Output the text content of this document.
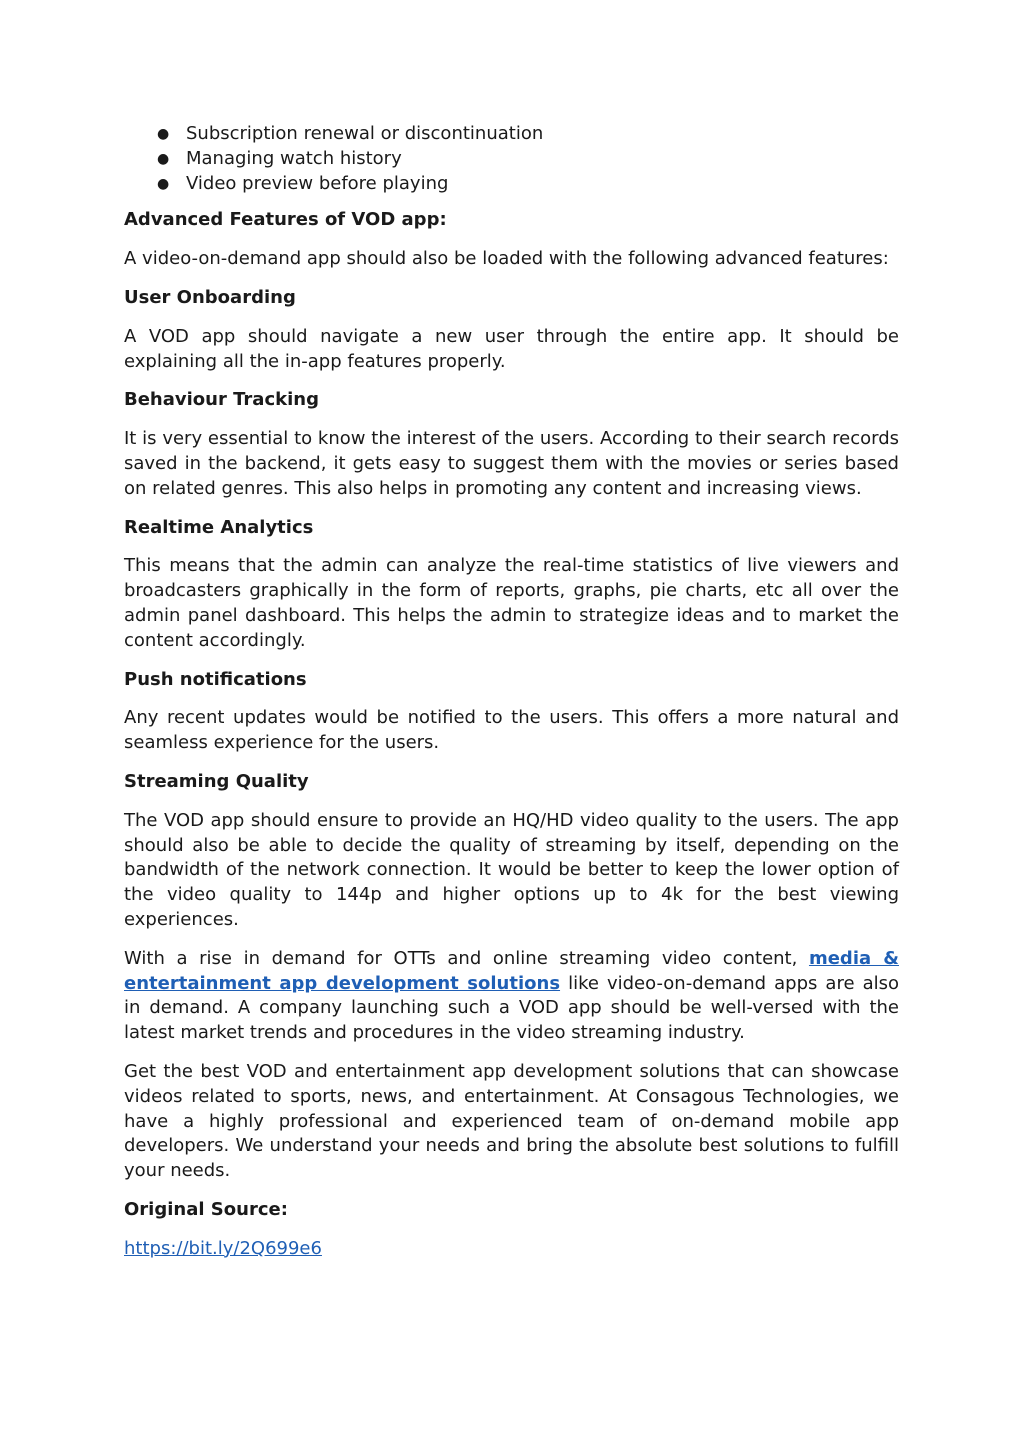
● Subscription renewal or discontinuation
● Managing watch history
● Video preview before playing
Advanced Features of VOD app:

A video-on-demand app should also be loaded with the following advanced features:

User Onboarding

A VOD app should navigate a new user through the entire app. It should be explaining all the in-app features properly.

Behaviour Tracking

It is very essential to know the interest of the users. According to their search records saved in the backend, it gets easy to suggest them with the movies or series based on related genres. This also helps in promoting any content and increasing views.

Realtime Analytics

This means that the admin can analyze the real-time statistics of live viewers and broadcasters graphically in the form of reports, graphs, pie charts, etc all over the admin panel dashboard. This helps the admin to strategize ideas and to market the content accordingly.

Push notifications

Any recent updates would be notified to the users. This offers a more natural and seamless experience for the users.

Streaming Quality

The VOD app should ensure to provide an HQ/HD video quality to the users. The app should also be able to decide the quality of streaming by itself, depending on the bandwidth of the network connection. It would be better to keep the lower option of the video quality to 144p and higher options up to 4k for the best viewing experiences.

With a rise in demand for OTTs and online streaming video content, media & entertainment app development solutions like video-on-demand apps are also in demand. A company launching such a VOD app should be well-versed with the latest market trends and procedures in the video streaming industry.

Get the best VOD and entertainment app development solutions that can showcase videos related to sports, news, and entertainment. At Consagous Technologies, we have a highly professional and experienced team of on-demand mobile app developers. We understand your needs and bring the absolute best solutions to fulfill your needs.

Original Source:

https://bit.ly/2Q699e6
